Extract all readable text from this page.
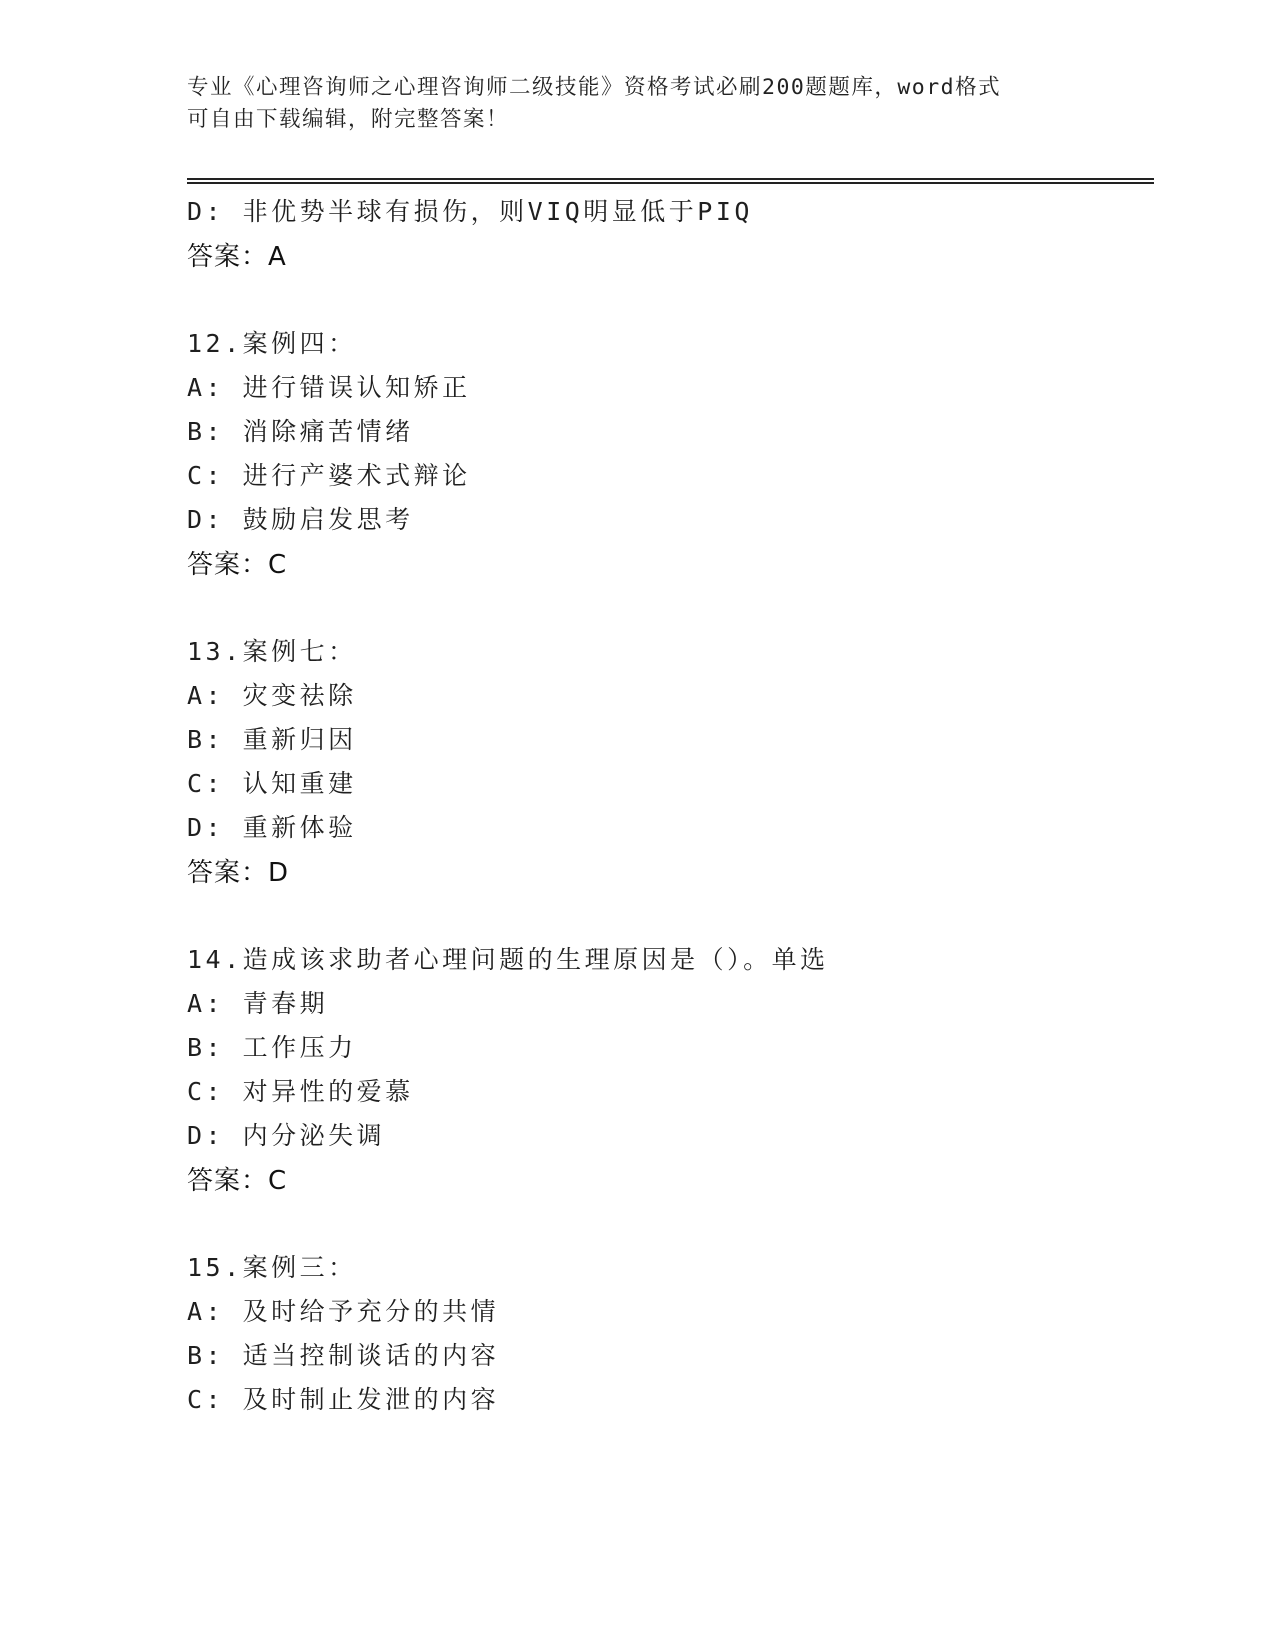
专业《心理咨询师之心理咨询师二级技能》资格考试必刷200题题库，word格式
可自由下载编辑，附完整答案！
D: 非优势半球有损伤，则VIQ明显低于PIQ
答案：A
12.案例四：
A: 进行错误认知矫正
B: 消除痛苦情绪
C: 进行产婆术式辩论
D: 鼓励启发思考
答案：C
13.案例七：
A: 灾变祛除
B: 重新归因
C: 认知重建
D: 重新体验
答案：D
14.造成该求助者心理问题的生理原因是（）。单选
A: 青春期
B: 工作压力
C: 对异性的爱慕
D: 内分泌失调
答案：C
15.案例三：
A: 及时给予充分的共情
B: 适当控制谈话的内容
C: 及时制止发泄的内容
